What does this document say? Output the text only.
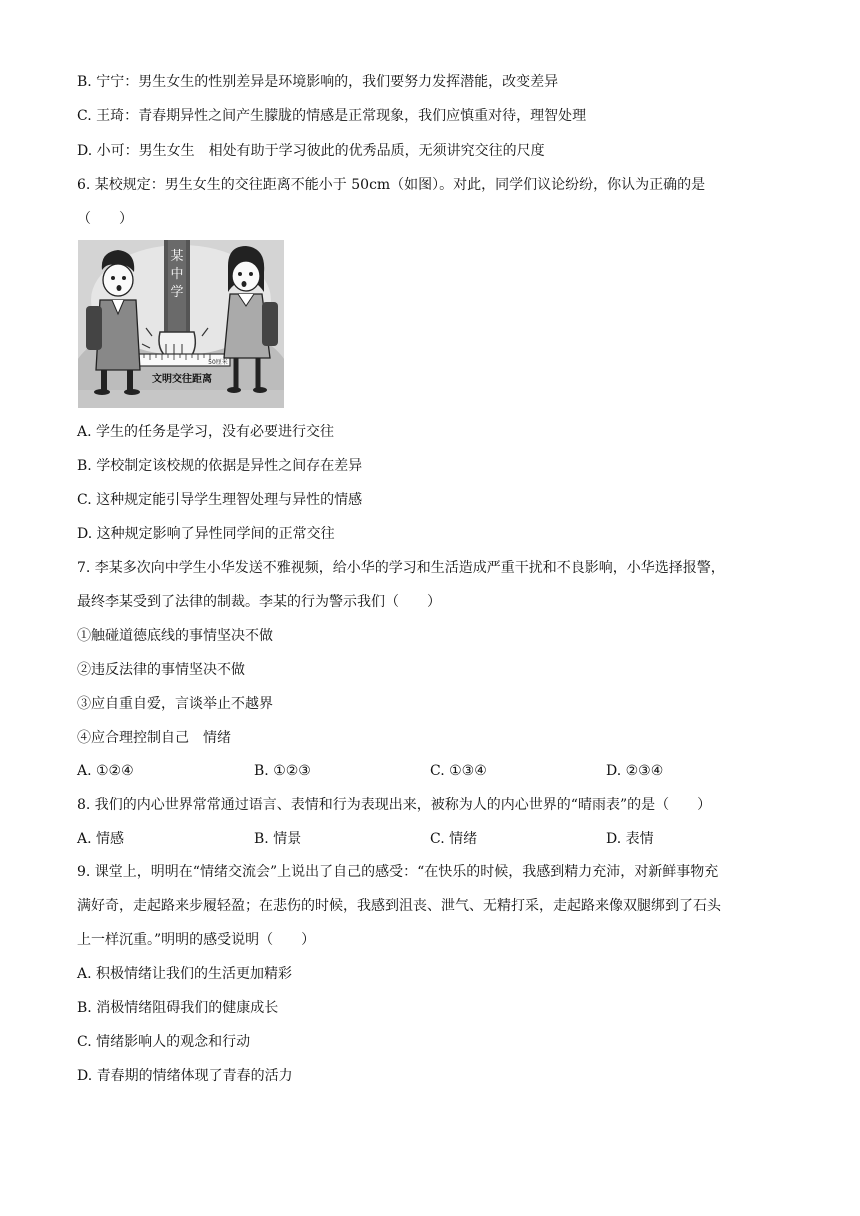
B. 宁宁：男生女生的性别差异是环境影响的，我们要努力发挥潜能，改变差异
C. 王琦：青春期异性之间产生朦胧的情感是正常现象，我们应慎重对待，理智处理
D. 小可：男生女生　相处有助于学习彼此的优秀品质，无须讲究交往的尺度
6. 某校规定：男生女生的交往距离不能小于 50cm（如图）。对此，同学们议论纷纷，你认为正确的是
（　　）
某
中
学
50厘米
文明交往距离
A. 学生的任务是学习，没有必要进行交往
B. 学校制定该校规的依据是异性之间存在差异
C. 这种规定能引导学生理智处理与异性的情感
D. 这种规定影响了异性同学间的正常交往
7. 李某多次向中学生小华发送不雅视频，给小华的学习和生活造成严重干扰和不良影响，小华选择报警，
最终李某受到了法律的制裁。李某的行为警示我们（　　）
①触碰道德底线的事情坚决不做
②违反法律的事情坚决不做
③应自重自爱，言谈举止不越界
④应合理控制自己　情绪
A. ①②④	B. ①②③	C. ①③④	D. ②③④
8. 我们的内心世界常常通过语言、表情和行为表现出来，被称为人的内心世界的“晴雨表”的是（　　）
A. 情感	B. 情景	C. 情绪	D. 表情
9. 课堂上，明明在“情绪交流会”上说出了自己的感受：“在快乐的时候，我感到精力充沛，对新鲜事物充
满好奇，走起路来步履轻盈；在悲伤的时候，我感到沮丧、泄气、无精打采，走起路来像双腿绑到了石头
上一样沉重。”明明的感受说明（　　）
A. 积极情绪让我们的生活更加精彩
B. 消极情绪阻碍我们的健康成长
C. 情绪影响人的观念和行动
D. 青春期的情绪体现了青春的活力
